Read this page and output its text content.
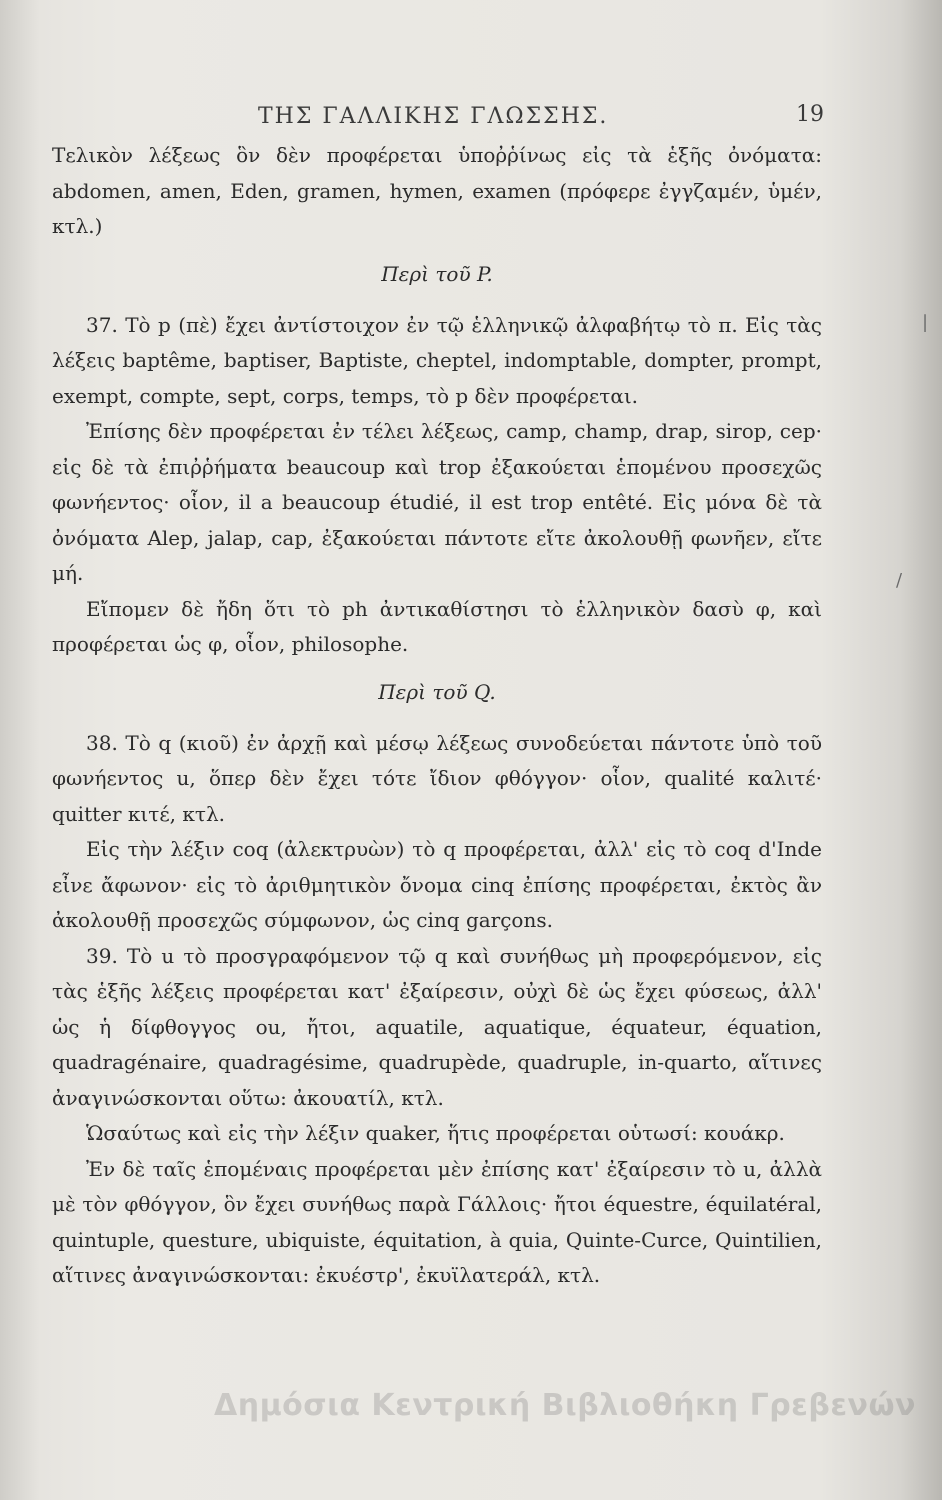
ΤΗΣ ΓΑΛΛΙΚΗΣ ΓΛΩΣΣΗΣ.	19

Τελικὸν λέξεως ὃν δὲν προφέρεται ὑποῤῥίνως εἰς τὰ ἑξῆς ὀνόματα: abdomen, amen, Eden, gramen, hymen, examen (πρόφερε ἐγγζαμέν, ὑμέν, κτλ.)

Περὶ τοῦ P.

37. Τὸ p (πὲ) ἔχει ἀντίστοιχον ἐν τῷ ἑλληνικῷ ἀλφαβήτῳ τὸ π. Εἰς τὰς λέξεις baptême, baptiser, Baptiste, cheptel, indomptable, dompter, prompt, exempt, compte, sept, corps, temps, τὸ p δὲν προφέρεται.

Ἐπίσης δὲν προφέρεται ἐν τέλει λέξεως, camp, champ, drap, sirop, cep· εἰς δὲ τὰ ἐπιῤῥήματα beaucoup καὶ trop ἐξακούεται ἑπομένου προσεχῶς φωνήεντος· οἷον, il a beaucoup étudié, il est trop entêté. Εἰς μόνα δὲ τὰ ὀνόματα Alep, jalap, cap, ἐξακούεται πάντοτε εἴτε ἀκολουθῇ φωνῆεν, εἴτε μή.

Εἴπομεν δὲ ἤδη ὅτι τὸ ph ἀντικαθίστησι τὸ ἑλληνικὸν δασὺ φ, καὶ προφέρεται ὡς φ, οἷον, philosophe.

Περὶ τοῦ Q.

38. Τὸ q (κιοῦ) ἐν ἀρχῇ καὶ μέσῳ λέξεως συνοδεύεται πάντοτε ὑπὸ τοῦ φωνήεντος u, ὅπερ δὲν ἔχει τότε ἴδιον φθόγγον· οἷον, qualité καλιτέ· quitter κιτέ, κτλ.

Εἰς τὴν λέξιν coq (ἀλεκτρυὼν) τὸ q προφέρεται, ἀλλ' εἰς τὸ coq d'Inde εἶνε ἄφωνον· εἰς τὸ ἀριθμητικὸν ὄνομα cinq ἐπίσης προφέρεται, ἐκτὸς ἂν ἀκολουθῇ προσεχῶς σύμφωνον, ὡς cinq garçons.

39. Τὸ u τὸ προσγραφόμενον τῷ q καὶ συνήθως μὴ προφερόμενον, εἰς τὰς ἑξῆς λέξεις προφέρεται κατ' ἐξαίρεσιν, οὐχὶ δὲ ὡς ἔχει φύσεως, ἀλλ' ὡς ἡ δίφθογγος ou, ἤτοι, aquatile, aquatique, équateur, équation, quadragénaire, quadragésime, quadrupède, quadruple, in-quarto, αἵτινες ἀναγινώσκονται οὕτω: ἀκουατίλ, κτλ.

Ὡσαύτως καὶ εἰς τὴν λέξιν quaker, ἥτις προφέρεται οὑτωσί: κουάκρ.

Ἐν δὲ ταῖς ἑπομέναις προφέρεται μὲν ἐπίσης κατ' ἐξαίρεσιν τὸ u, ἀλλὰ μὲ τὸν φθόγγον, ὃν ἔχει συνήθως παρὰ Γάλλοις· ἤτοι équestre, équilatéral, quintuple, questure, ubiquiste, équitation, à quia, Quinte-Curce, Quintilien, αἵτινες ἀναγινώσκονται: ἐκυέστρ', ἐκυϊλατεράλ, κτλ.

|
/
Δημόσια Κεντρική Βιβλιοθήκη Γρεβενών
